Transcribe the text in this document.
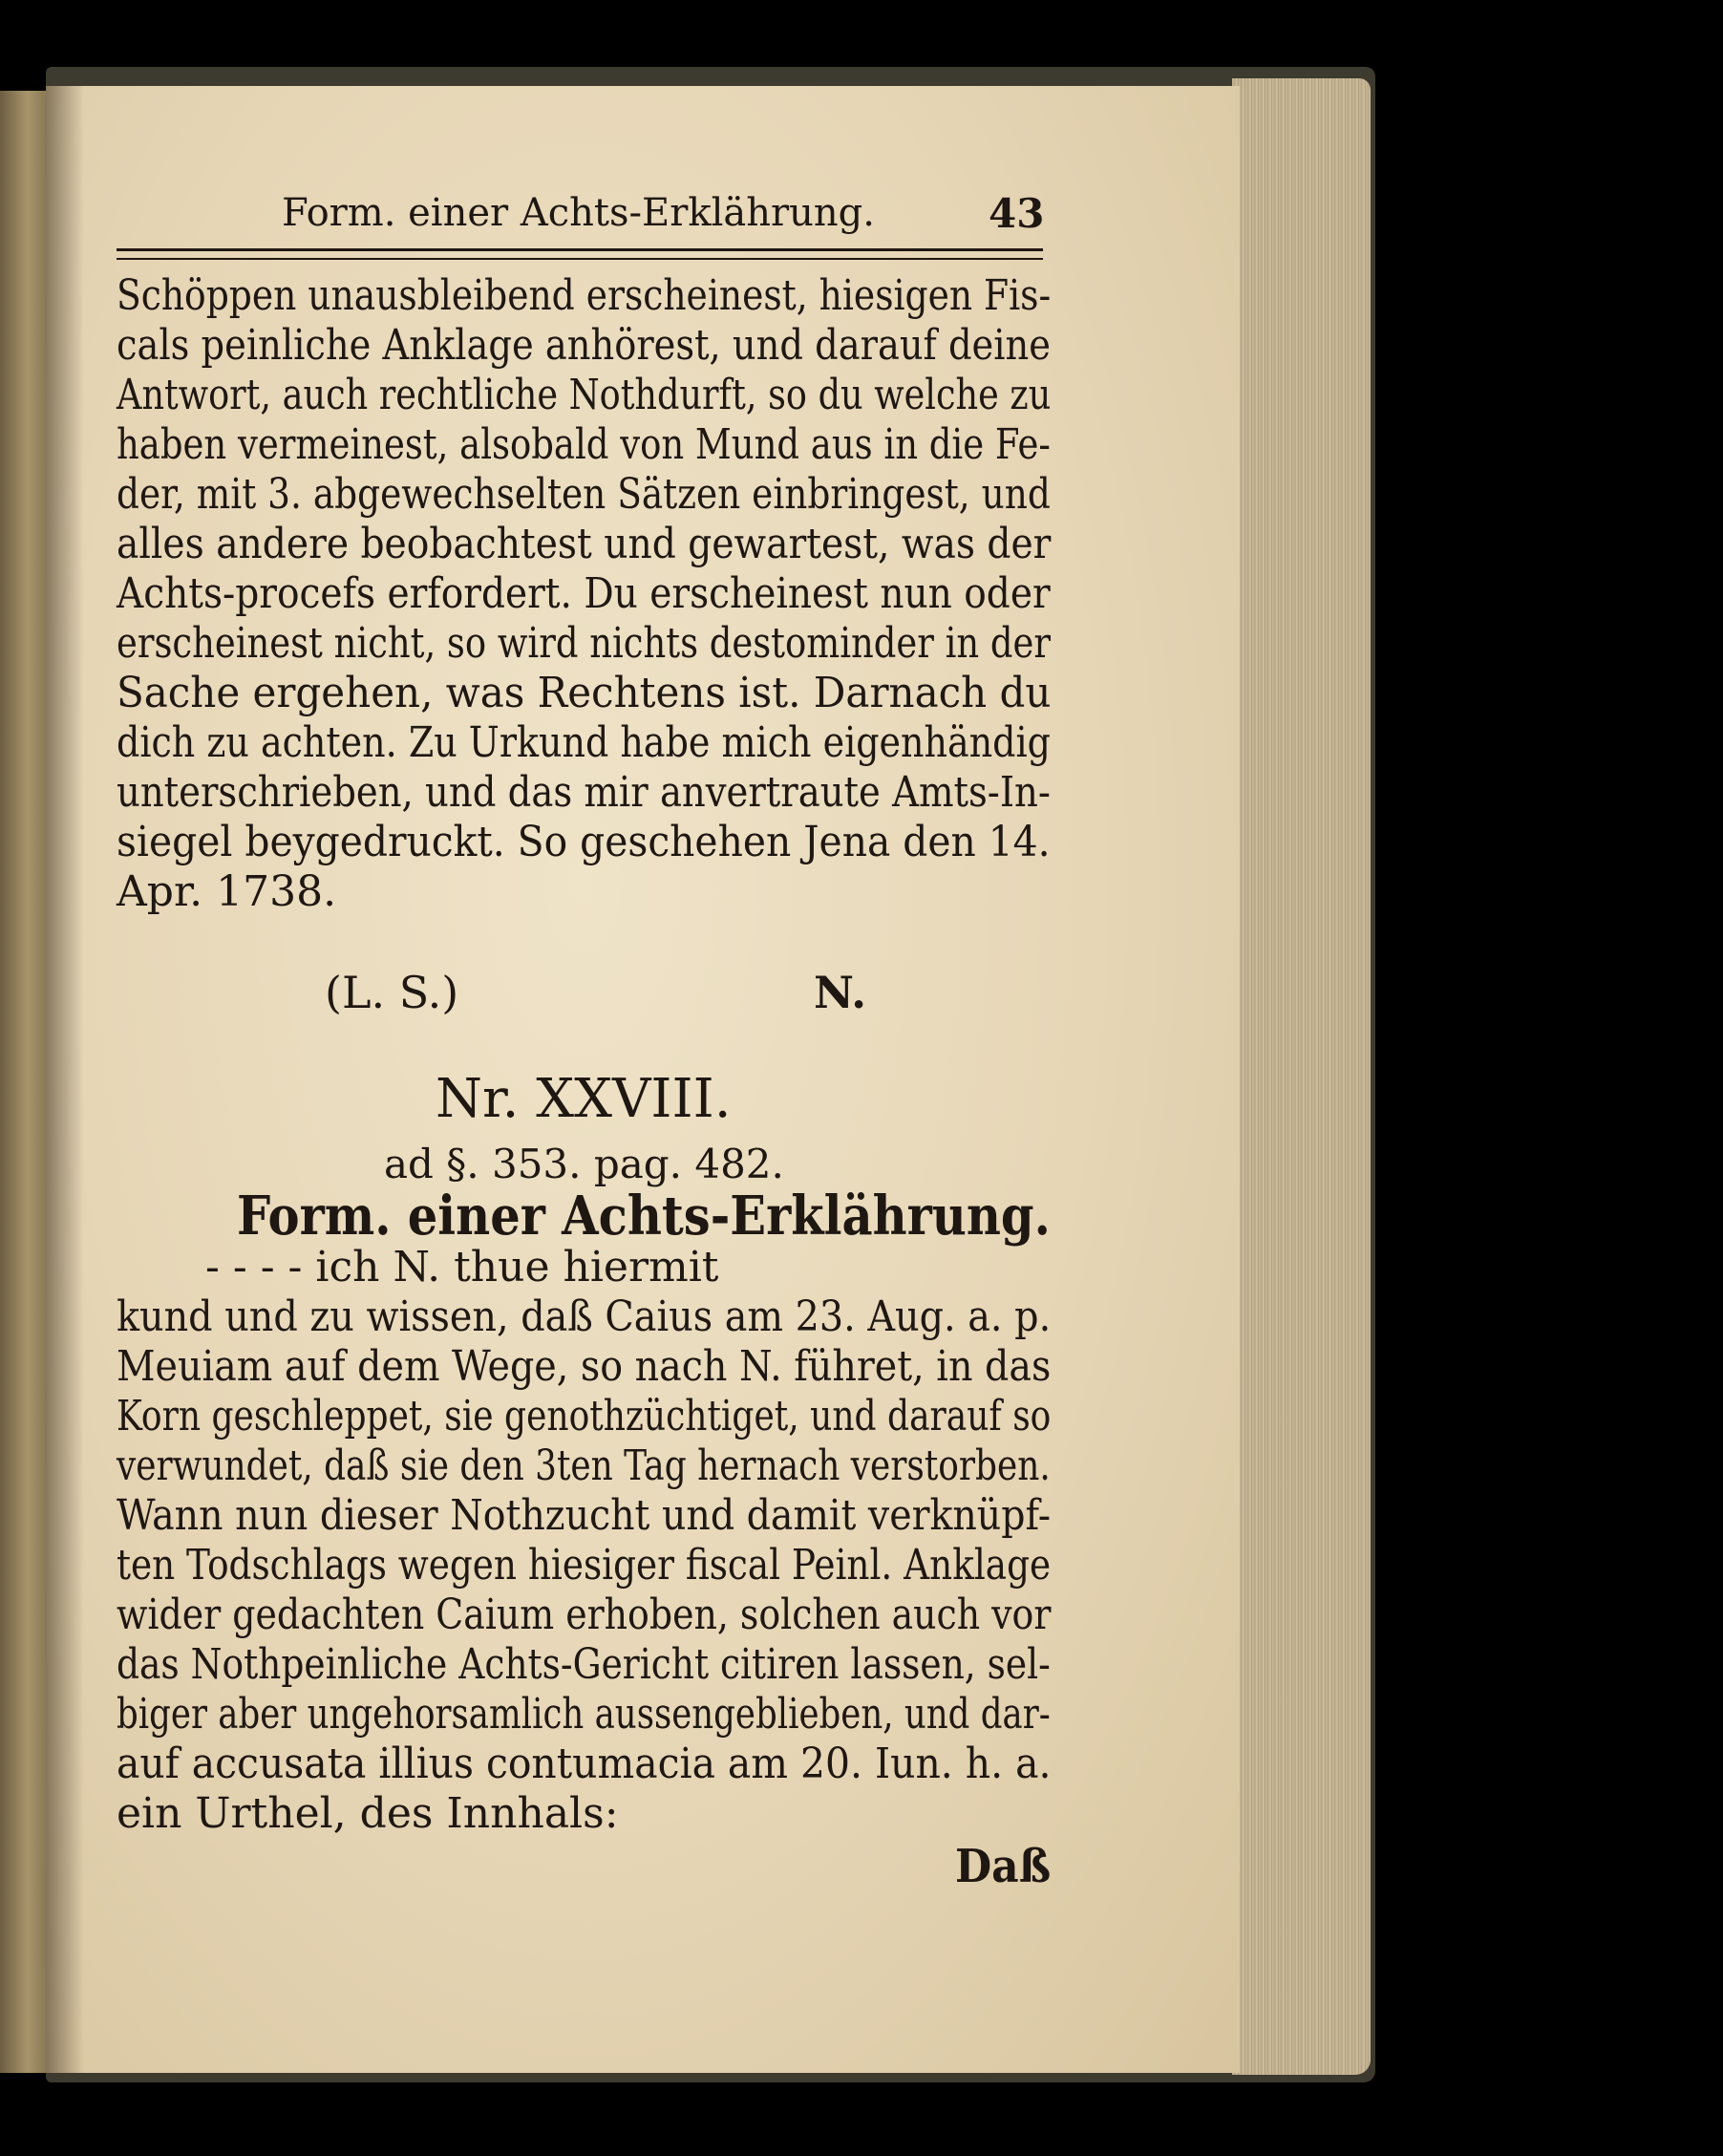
Form. einer Achts-Erklährung.	43
Schöppen unausbleibend erscheinest, hiesigen Fis-
cals peinliche Anklage anhörest, und darauf deine
Antwort, auch rechtliche Nothdurft, so du welche zu
haben vermeinest, alsobald von Mund aus in die Fe-
der, mit 3. abgewechselten Sätzen einbringest, und
alles andere beobachtest und gewartest, was der
Achts-procefs erfordert. Du erscheinest nun oder
erscheinest nicht, so wird nichts destominder in der
Sache ergehen, was Rechtens ist. Darnach du
dich zu achten. Zu Urkund habe mich eigenhändig
unterschrieben, und das mir anvertraute Amts-In-
siegel beygedruckt. So geschehen Jena den 14.
Apr. 1738.
(L. S.)	N.
Nr. XXVIII.
ad §. 353. pag. 482.
Form. einer Achts-Erklährung.
- - - - ich N. thue hiermit
kund und zu wissen, daß Caius am 23. Aug. a. p.
Meuiam auf dem Wege, so nach N. führet, in das
Korn geschleppet, sie genothzüchtiget, und darauf so
verwundet, daß sie den 3ten Tag hernach verstorben.
Wann nun dieser Nothzucht und damit verknüpf-
ten Todschlags wegen hiesiger fiscal Peinl. Anklage
wider gedachten Caium erhoben, solchen auch vor
das Nothpeinliche Achts-Gericht citiren lassen, sel-
biger aber ungehorsamlich aussengeblieben, und dar-
auf accusata illius contumacia am 20. Iun. h. a.
ein Urthel, des Innhals:
Daß
